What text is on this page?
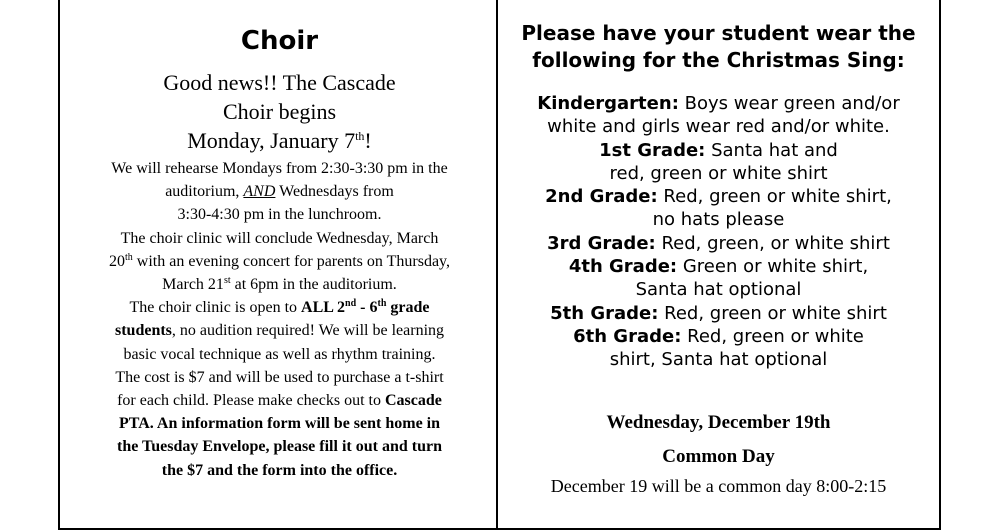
Choir
Good news!! The Cascade
Choir begins
Monday, January 7th!
We will rehearse Mondays from 2:30-3:30 pm in the
auditorium, AND Wednesdays from
3:30-4:30 pm in the lunchroom.
The choir clinic will conclude Wednesday, March
20th with an evening concert for parents on Thursday,
March 21st at 6pm in the auditorium.
The choir clinic is open to ALL 2nd - 6th grade
students, no audition required! We will be learning
basic vocal technique as well as rhythm training.
The cost is $7 and will be used to purchase a t-shirt
for each child. Please make checks out to Cascade
PTA. An information form will be sent home in
the Tuesday Envelope, please fill it out and turn
the $7 and the form into the office.
Please have your student wear the
following for the Christmas Sing:
Kindergarten: Boys wear green and/or
white and girls wear red and/or white.
1st Grade: Santa hat and
red, green or white shirt
2nd Grade: Red, green or white shirt,
no hats please
3rd Grade: Red, green, or white shirt
4th Grade: Green or white shirt,
Santa hat optional
5th Grade: Red, green or white shirt
6th Grade: Red, green or white
shirt, Santa hat optional
Wednesday, December 19th
Common Day
December 19 will be a common day 8:00-2:15
